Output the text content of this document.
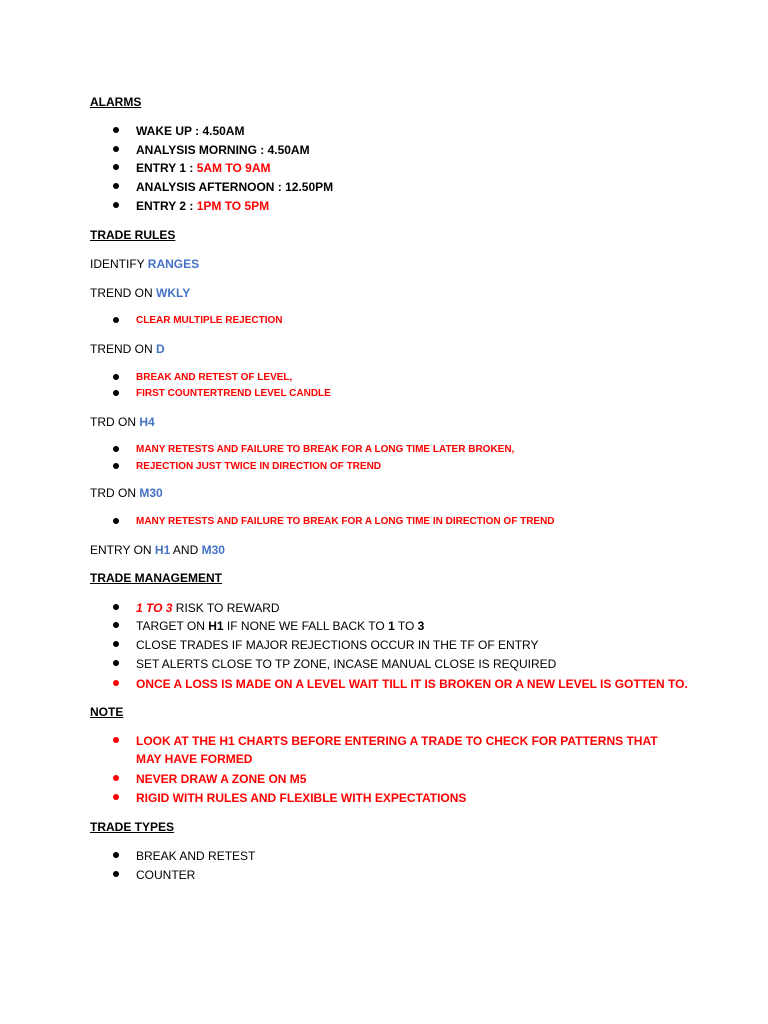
ALARMS
WAKE UP : 4.50AM
ANALYSIS MORNING : 4.50AM
ENTRY 1 : 5AM TO 9AM
ANALYSIS AFTERNOON : 12.50PM
ENTRY 2 : 1PM TO 5PM
TRADE RULES
IDENTIFY RANGES
TREND ON WKLY
CLEAR MULTIPLE REJECTION
TREND ON D
BREAK AND RETEST OF LEVEL,
FIRST COUNTERTREND LEVEL CANDLE
TRD ON H4
MANY RETESTS AND FAILURE TO BREAK FOR A LONG TIME LATER BROKEN,
REJECTION JUST TWICE IN DIRECTION OF TREND
TRD ON M30
MANY RETESTS AND FAILURE TO BREAK FOR A LONG TIME IN DIRECTION OF TREND
ENTRY ON H1 AND M30
TRADE MANAGEMENT
1 TO 3 RISK TO REWARD
TARGET ON H1 IF NONE WE FALL BACK TO 1 TO 3
CLOSE TRADES IF MAJOR REJECTIONS OCCUR IN THE TF OF ENTRY
SET ALERTS CLOSE TO TP ZONE, INCASE MANUAL CLOSE IS REQUIRED
ONCE A LOSS IS MADE ON A LEVEL WAIT TILL IT IS BROKEN OR A NEW LEVEL IS GOTTEN TO.
NOTE
LOOK AT THE H1 CHARTS BEFORE ENTERING A TRADE TO CHECK FOR PATTERNS THAT MAY HAVE FORMED
NEVER DRAW A ZONE ON M5
RIGID WITH RULES AND FLEXIBLE WITH EXPECTATIONS
TRADE TYPES
BREAK AND RETEST
COUNTER
